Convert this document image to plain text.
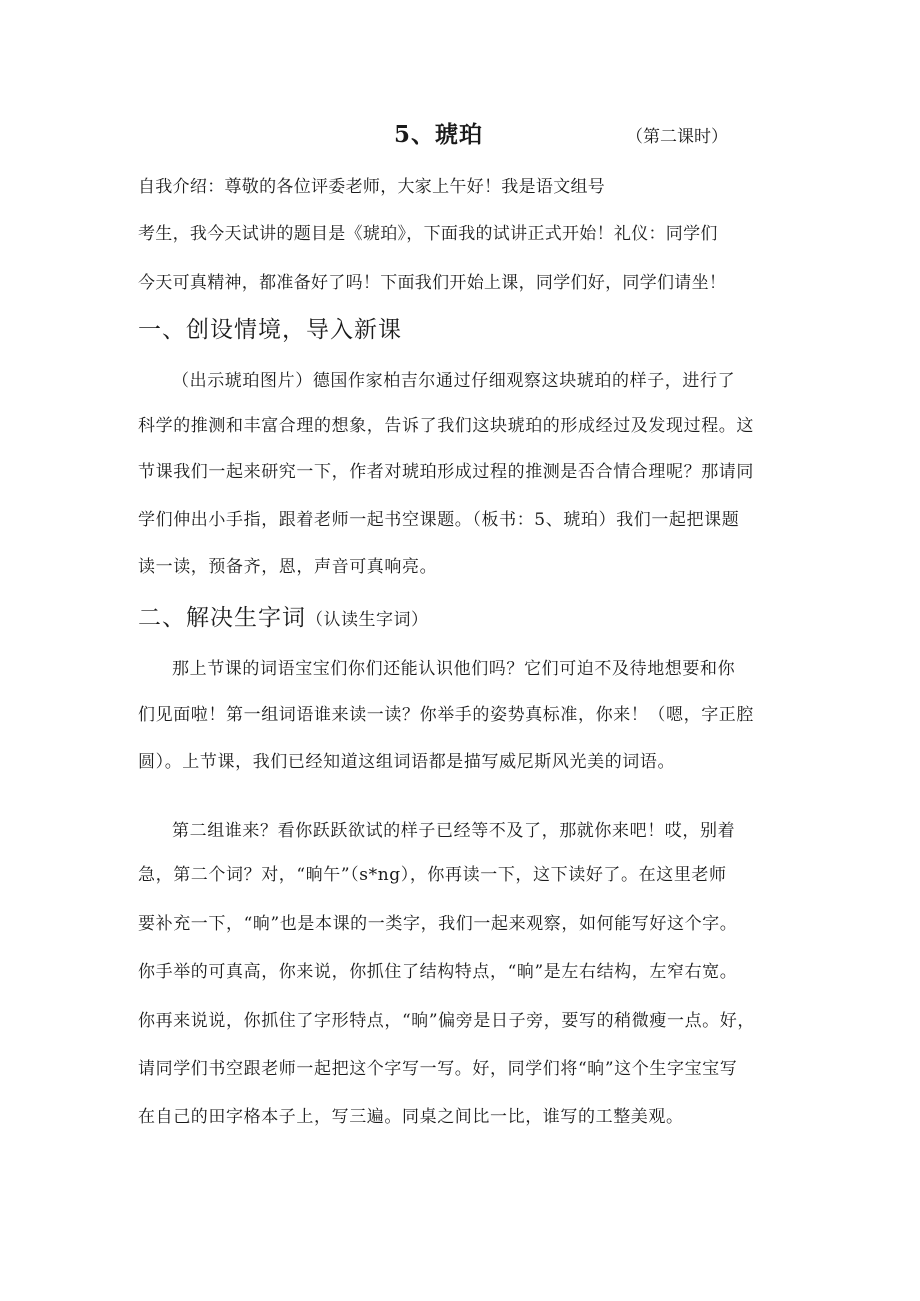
5、琥珀	（第二课时）
自我介绍：尊敬的各位评委老师，大家上午好！我是语文组号
考生，我今天试讲的题目是《琥珀》，下面我的试讲正式开始！礼仪：同学们
今天可真精神，都准备好了吗！下面我们开始上课，同学们好，同学们请坐！
一、创设情境，导入新课
（出示琥珀图片）德国作家柏吉尔通过仔细观察这块琥珀的样子，进行了
科学的推测和丰富合理的想象，告诉了我们这块琥珀的形成经过及发现过程。这
节课我们一起来研究一下，作者对琥珀形成过程的推测是否合情合理呢？那请同
学们伸出小手指，跟着老师一起书空课题。（板书：5、琥珀）我们一起把课题
读一读，预备齐，恩，声音可真响亮。
二、解决生字词（认读生字词）
那上节课的词语宝宝们你们还能认识他们吗？它们可迫不及待地想要和你
们见面啦！第一组词语谁来读一读？你举手的姿势真标准，你来！（嗯，字正腔
圆）。上节课，我们已经知道这组词语都是描写威尼斯风光美的词语。
第二组谁来？看你跃跃欲试的样子已经等不及了，那就你来吧！哎，别着
急，第二个词？对，“晌午”（s*ng），你再读一下，这下读好了。在这里老师
要补充一下，“晌”也是本课的一类字，我们一起来观察，如何能写好这个字。
你手举的可真高，你来说，你抓住了结构特点，“晌”是左右结构，左窄右宽。
你再来说说，你抓住了字形特点，“晌”偏旁是日子旁，要写的稍微瘦一点。好，
请同学们书空跟老师一起把这个字写一写。好，同学们将“晌”这个生字宝宝写
在自己的田字格本子上，写三遍。同桌之间比一比，谁写的工整美观。
